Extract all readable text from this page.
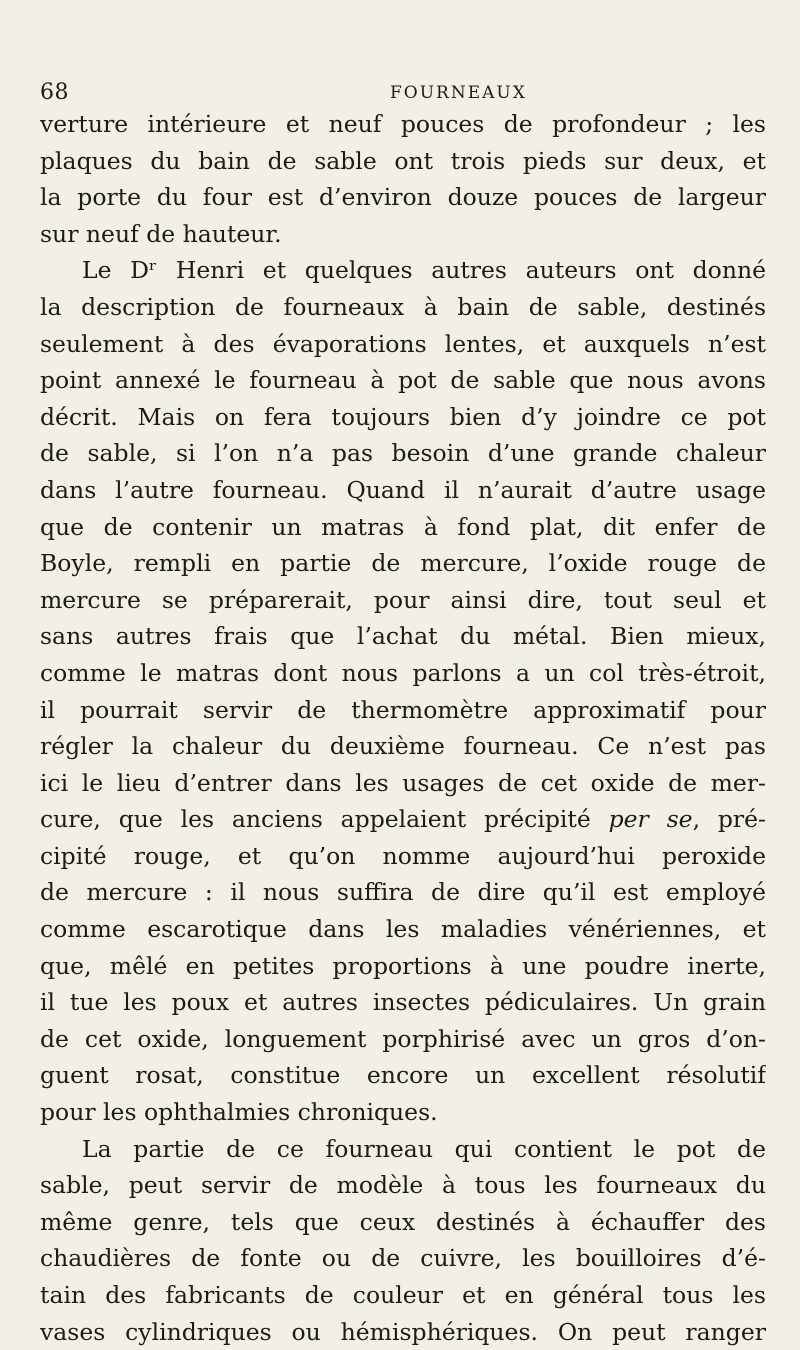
68	FOURNEAUX
verture intérieure et neuf pouces de profondeur ; les
plaques du bain de sable ont trois pieds sur deux, et
la porte du four est d’environ douze pouces de largeur
sur neuf de hauteur.
Le Dʳ Henri et quelques autres auteurs ont donné
la description de fourneaux à bain de sable, destinés
seulement à des évaporations lentes, et auxquels n’est
point annexé le fourneau à pot de sable que nous avons
décrit. Mais on fera toujours bien d’y joindre ce pot
de sable, si l’on n’a pas besoin d’une grande chaleur
dans l’autre fourneau. Quand il n’aurait d’autre usage
que de contenir un matras à fond plat, dit enfer de
Boyle, rempli en partie de mercure, l’oxide rouge de
mercure se préparerait, pour ainsi dire, tout seul et
sans autres frais que l’achat du métal. Bien mieux,
comme le matras dont nous parlons a un col très-étroit,
il pourrait servir de thermomètre approximatif pour
régler la chaleur du deuxième fourneau. Ce n’est pas
ici le lieu d’entrer dans les usages de cet oxide de mer-
cure, que les anciens appelaient précipité per se, pré-
cipité rouge, et qu’on nomme aujourd’hui peroxide
de mercure : il nous suffira de dire qu’il est employé
comme escarotique dans les maladies vénériennes, et
que, mêlé en petites proportions à une poudre inerte,
il tue les poux et autres insectes pédiculaires. Un grain
de cet oxide, longuement porphirisé avec un gros d’on-
guent rosat, constitue encore un excellent résolutif
pour les ophthalmies chroniques.
La partie de ce fourneau qui contient le pot de
sable, peut servir de modèle à tous les fourneaux du
même genre, tels que ceux destinés à échauffer des
chaudières de fonte ou de cuivre, les bouilloires d’é-
tain des fabricants de couleur et en général tous les
vases cylindriques ou hémisphériques. On peut ranger
